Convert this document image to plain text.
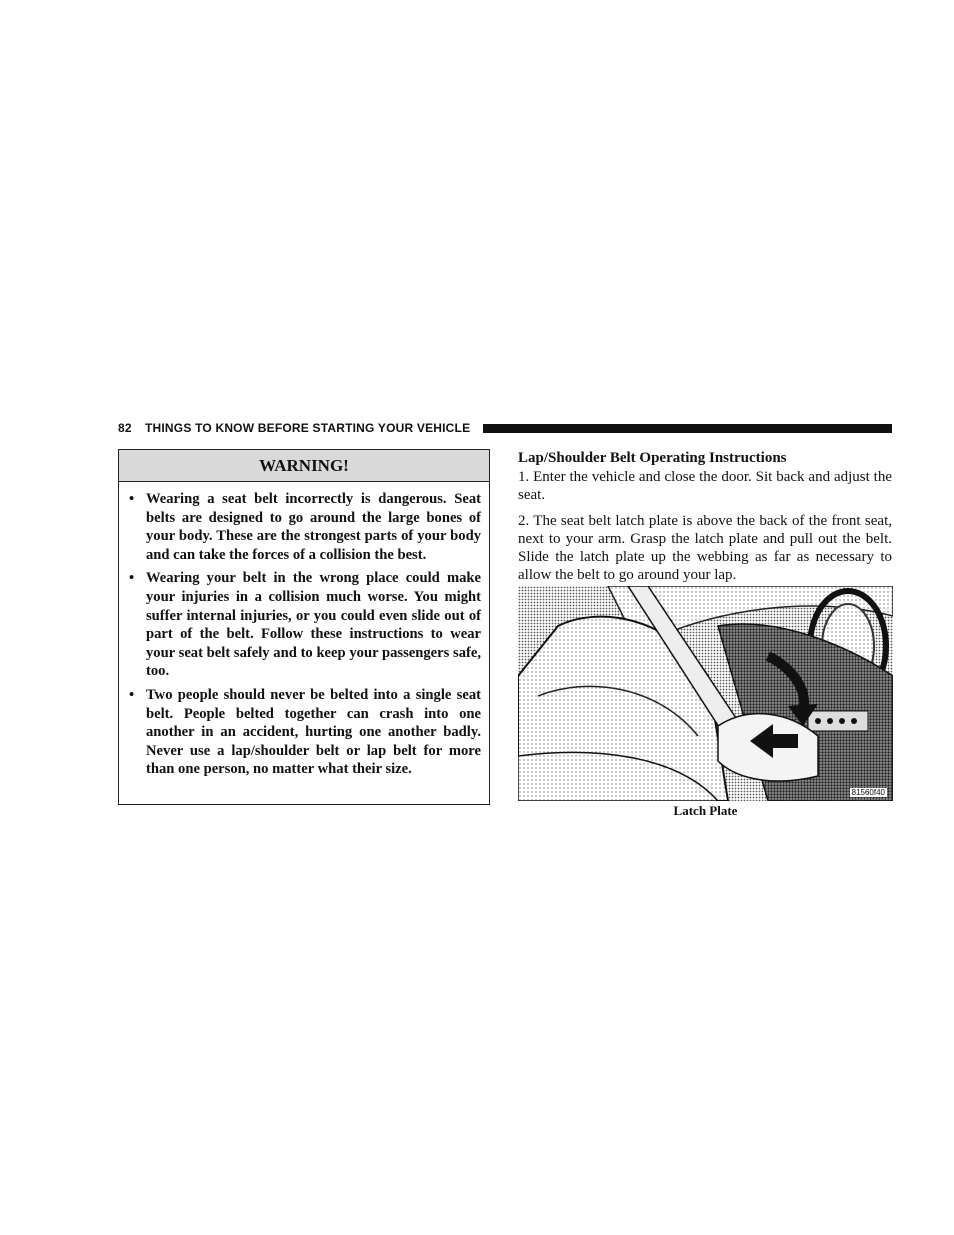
82 THINGS TO KNOW BEFORE STARTING YOUR VEHICLE
WARNING!
• Wearing a seat belt incorrectly is dangerous. Seat belts are designed to go around the large bones of your body. These are the strongest parts of your body and can take the forces of a collision the best.
• Wearing your belt in the wrong place could make your injuries in a collision much worse. You might suffer internal injuries, or you could even slide out of part of the belt. Follow these instructions to wear your seat belt safely and to keep your passengers safe, too.
• Two people should never be belted into a single seat belt. People belted together can crash into one another in an accident, hurting one another badly. Never use a lap/shoulder belt or lap belt for more than one person, no matter what their size.
Lap/Shoulder Belt Operating Instructions

1. Enter the vehicle and close the door. Sit back and adjust the seat.

2. The seat belt latch plate is above the back of the front seat, next to your arm. Grasp the latch plate and pull out the belt. Slide the latch plate up the webbing as far as necessary to allow the belt to go around your lap.

81560f40
Latch Plate
